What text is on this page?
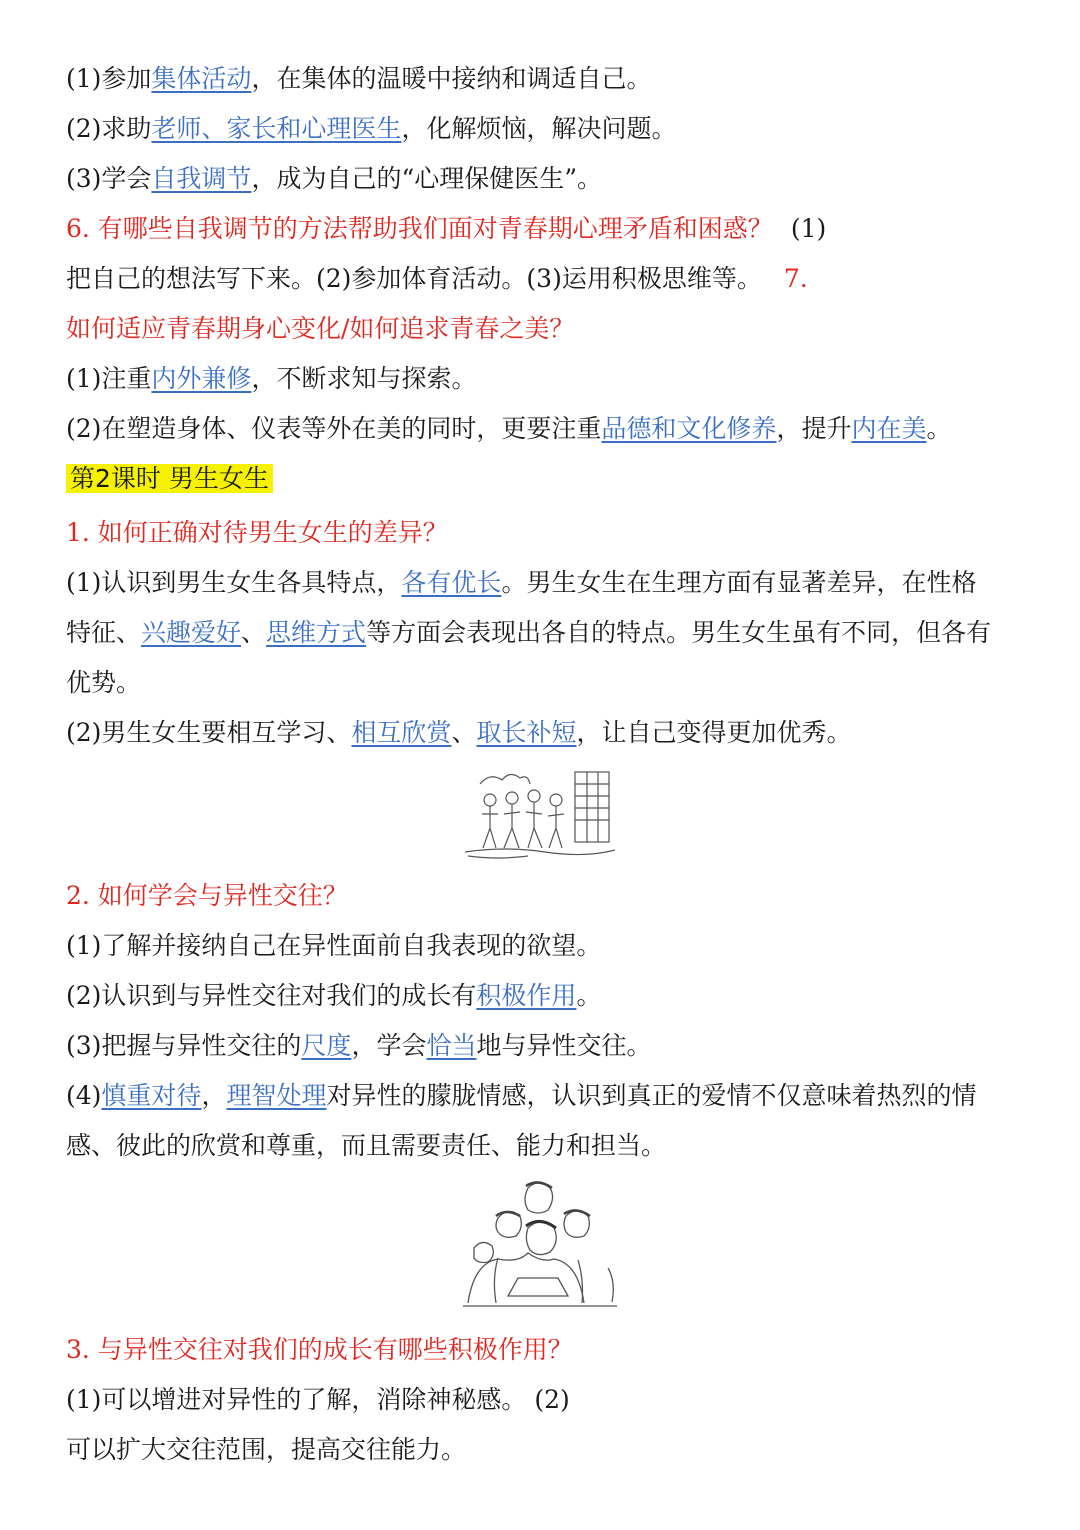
(1)参加集体活动，在集体的温暖中接纳和调适自己。
(2)求助老师、家长和心理医生，化解烦恼，解决问题。
(3)学会自我调节，成为自己的“心理保健医生”。
6. 有哪些自我调节的方法帮助我们面对青春期心理矛盾和困惑？ (1)
把自己的想法写下来。(2)参加体育活动。(3)运用积极思维等。 7.
如何适应青春期身心变化/如何追求青春之美？
(1)注重内外兼修，不断求知与探索。
(2)在塑造身体、仪表等外在美的同时，更要注重品德和文化修养，提升内在美。
第2课时 男生女生
1. 如何正确对待男生女生的差异？
(1)认识到男生女生各具特点，各有优长。男生女生在生理方面有显著差异，在性格
特征、兴趣爱好、思维方式等方面会表现出各自的特点。男生女生虽有不同，但各有
优势。
(2)男生女生要相互学习、相互欣赏、取长补短，让自己变得更加优秀。
2. 如何学会与异性交往？
(1)了解并接纳自己在异性面前自我表现的欲望。
(2)认识到与异性交往对我们的成长有积极作用。
(3)把握与异性交往的尺度，学会恰当地与异性交往。
(4)慎重对待，理智处理对异性的朦胧情感，认识到真正的爱情不仅意味着热烈的情
感、彼此的欣赏和尊重，而且需要责任、能力和担当。
3. 与异性交往对我们的成长有哪些积极作用？
(1)可以增进对异性的了解，消除神秘感。 (2)
可以扩大交往范围，提高交往能力。
